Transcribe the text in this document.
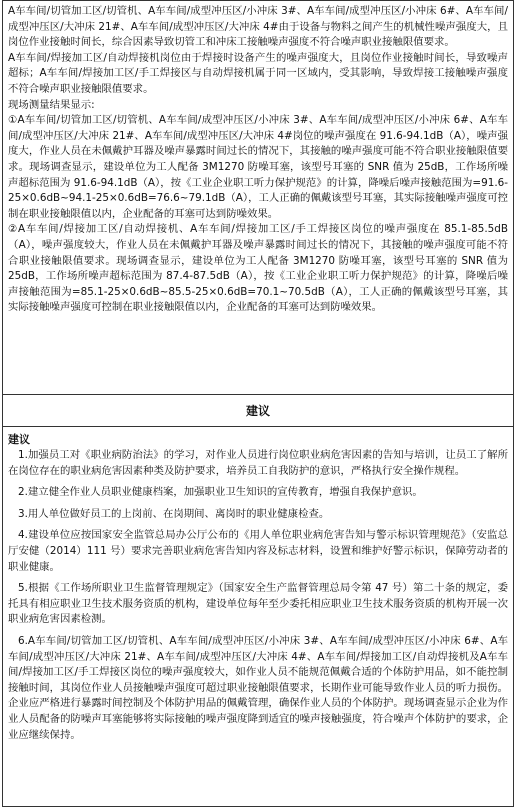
A车车间/切管加工区/切管机、A车车间/成型冲压区/小冲床 3#、A车车间/成型冲压区/小冲床 6#、A车车间/成型冲压区/大冲床 21#、A车车间/成型冲压区/大冲床 4#由于设备与物料之间产生的机械性噪声强度大，且岗位作业接触时间长，综合因素导致切管工和冲床工接触噪声强度不符合噪声职业接触限值要求。

A车车间/焊接加工区/自动焊接机岗位由于焊接时设备产生的噪声强度大，且岗位作业接触时间长，导致噪声超标；A车车间/焊接加工区/手工焊接区与自动焊接机属于同一区域内，受其影响，导致焊接工接触噪声强度不符合噪声职业接触限值要求。

现场测量结果显示:

①A车车间/切管加工区/切管机、A车车间/成型冲压区/小冲床 3#、A车车间/成型冲压区/小冲床 6#、A车车间/成型冲压区/大冲床 21#、A车车间/成型冲压区/大冲床 4#岗位的噪声强度在 91.6-94.1dB（A），噪声强度大，作业人员在未佩戴护耳器及噪声暴露时间过长的情况下，其接触的噪声强度可能不符合职业接触限值要求。现场调查显示，建设单位为工人配备 3M1270 防噪耳塞，该型号耳塞的 SNR 值为 25dB，工作场所噪声超标范围为 91.6-94.1dB（A），按《工业企业职工听力保护规范》的计算，降噪后噪声接触范围为=91.6-25×0.6dB~94.1-25×0.6dB=76.6~79.1dB（A），工人正确的佩戴该型号耳塞，其实际接触噪声强度可控制在职业接触限值以内，企业配备的耳塞可达到防噪效果。

②A车车间/焊接加工区/自动焊接机、A车车间/焊接加工区/手工焊接区岗位的噪声强度在 85.1-85.5dB（A），噪声强度较大，作业人员在未佩戴护耳器及噪声暴露时间过长的情况下，其接触的噪声强度可能不符合职业接触限值要求。现场调查显示，建设单位为工人配备 3M1270 防噪耳塞，该型号耳塞的 SNR 值为 25dB，工作场所噪声超标范围为 87.4-87.5dB（A），按《工业企业职工听力保护规范》的计算，降噪后噪声接触范围为=85.1-25×0.6dB~85.5-25×0.6dB=70.1~70.5dB（A），工人正确的佩戴该型号耳塞，其实际接触噪声强度可控制在职业接触限值以内，企业配备的耳塞可达到防噪效果。

建议

建议

1.加强员工对《职业病防治法》的学习，对作业人员进行岗位职业病危害因素的告知与培训，让员工了解所在岗位存在的职业病危害因素种类及防护要求，培养员工自我防护的意识，严格执行安全操作规程。

2.建立健全作业人员职业健康档案，加强职业卫生知识的宣传教育，增强自我保护意识。

3.用人单位做好员工的上岗前、在岗期间、离岗时的职业健康检查。

4.建设单位应按国家安全监管总局办公厅公布的《用人单位职业病危害告知与警示标识管理规范》（安监总厅安健（2014）111 号）要求完善职业病危害告知内容及标志材料，设置和维护好警示标识，保障劳动者的职业健康。

5.根据《工作场所职业卫生监督管理规定》（国家安全生产监督管理总局令第 47 号）第二十条的规定，委托具有相应职业卫生技术服务资质的机构，建设单位每年至少委托相应职业卫生技术服务资质的机构开展一次职业病危害因素检测。

6.A车车间/切管加工区/切管机、A车车间/成型冲压区/小冲床 3#、A车车间/成型冲压区/小冲床 6#、A车车间/成型冲压区/大冲床 21#、A车车间/成型冲压区/大冲床 4#、A车车间/焊接加工区/自动焊接机及A车车间/焊接加工区/手工焊接区岗位的噪声强度较大，如作业人员不能规范佩戴合适的个体防护用品，如不能控制接触时间，其岗位作业人员接触噪声强度可超过职业接触限值要求，长期作业可能导致作业人员的听力损伤。企业应严格进行暴露时间控制及个体防护用品的佩戴管理，确保作业人员的个体防护。现场调查显示企业为作业人员配备的防噪声耳塞能够将实际接触的噪声强度降到适宜的噪声接触强度，符合噪声个体防护的要求，企业应继续保持。
